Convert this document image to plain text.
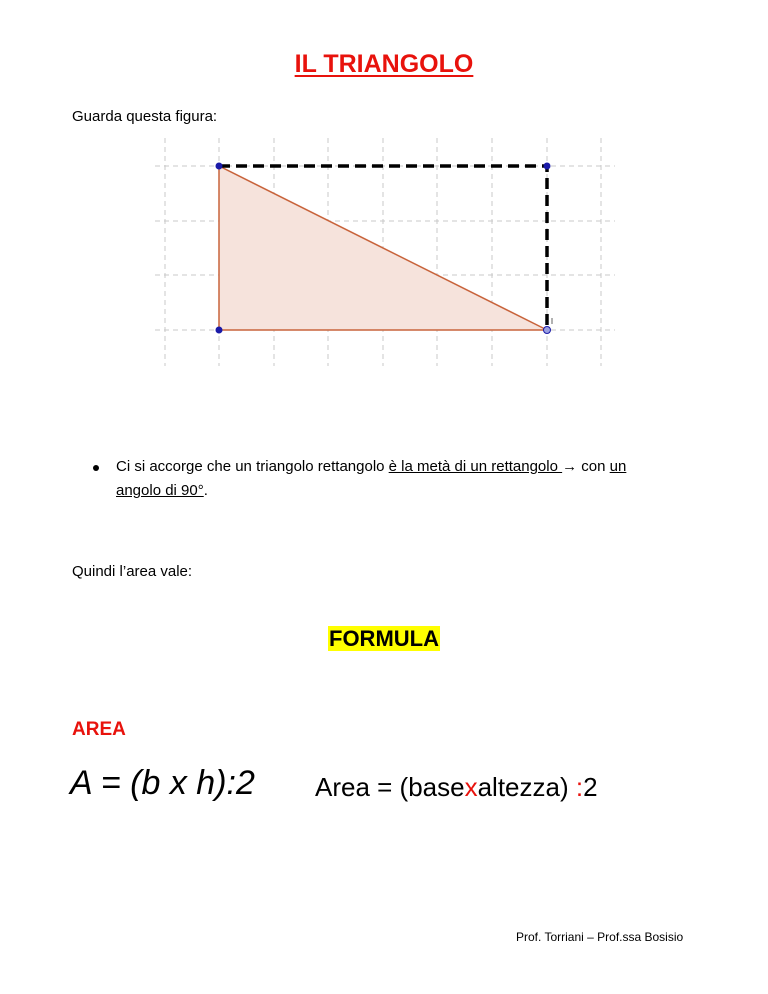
IL TRIANGOLO
Guarda questa figura:
Ci si accorge che un triangolo rettangolo è la metà di un rettangolo → con un
angolo di 90°.
Quindi l’area vale:
FORMULA
AREA
A = (b x h):2 Area = (basexaltezza) :2
Prof. Torriani – Prof.ssa Bosisio
